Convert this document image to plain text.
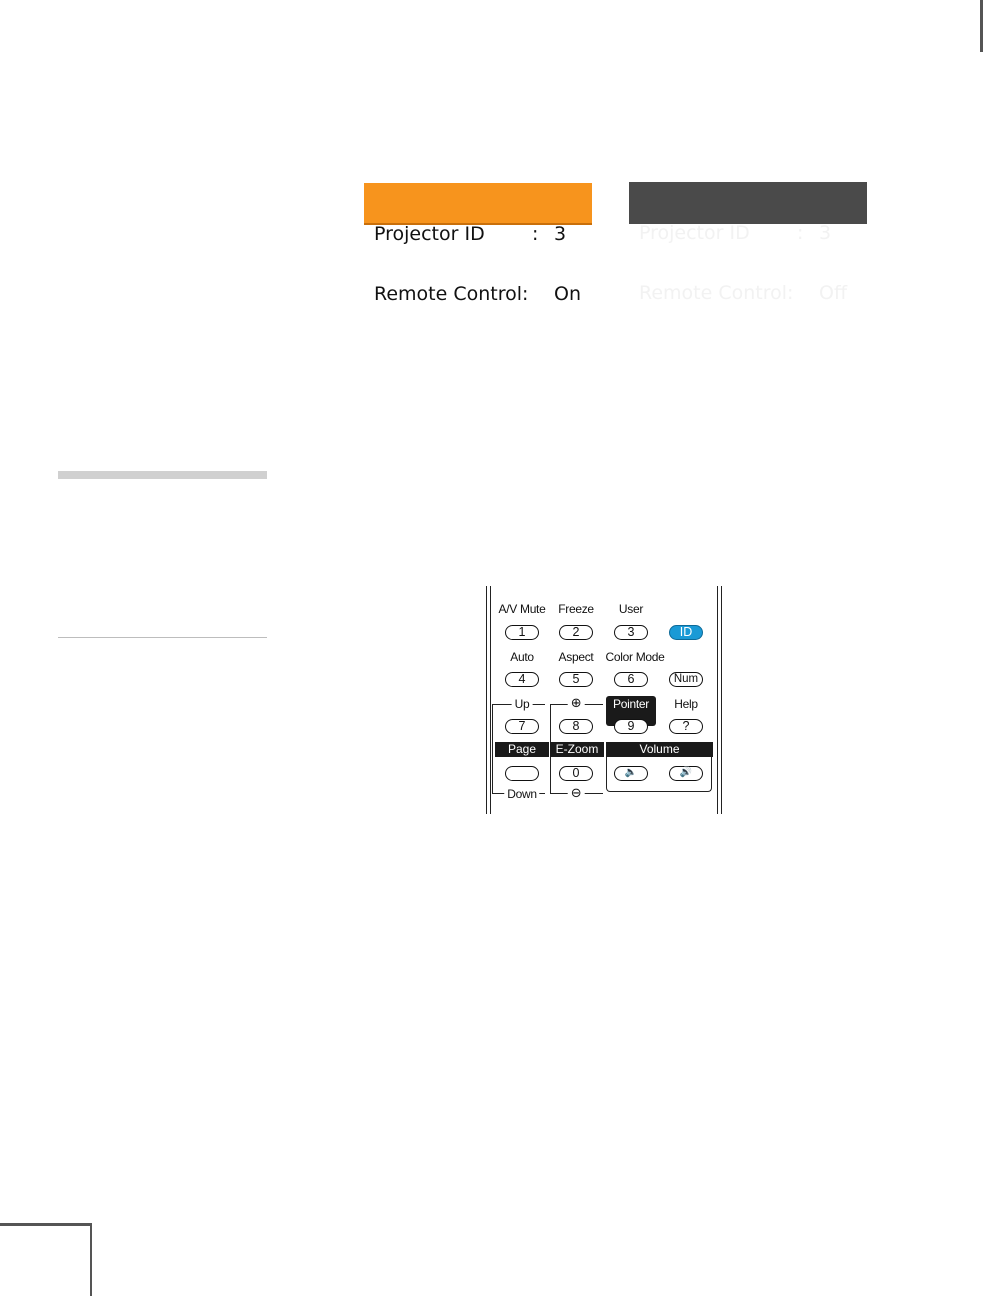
Projector ID	: 3

Remote Control:	On

Projector ID	: 3

Remote Control:	Off

A/V Mute Freeze User
1	2	3	ID
Auto Aspect Color Mode
4	5	6	Num
Up
7
Page
Down
⊕
8
E-Zoom
0
⊖
Pointer
9
Help
?
Volume
🔈	🔊
